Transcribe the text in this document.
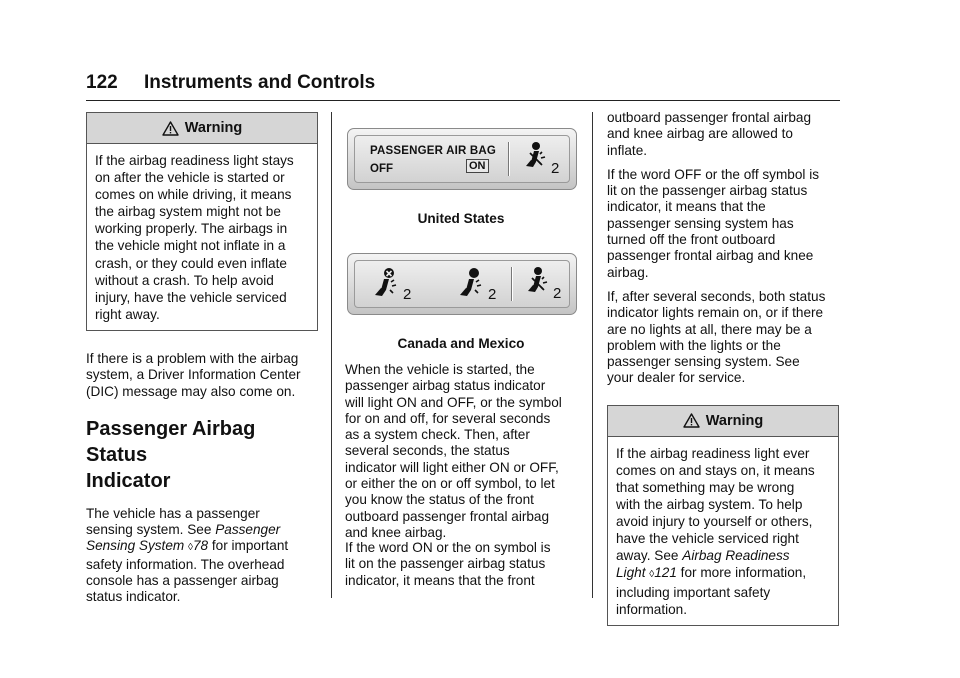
122 Instruments and Controls
Warning

If the airbag readiness light stays

on after the vehicle is started or

comes on while driving, it means

the airbag system might not be

working properly. The airbags in

the vehicle might not inflate in a

crash, or they could even inflate

without a crash. To help avoid

injury, have the vehicle serviced

right away.

If there is a problem with the airbag

system, a Driver Information Center

(DIC) message may also come on.

Passenger Airbag Status
Indicator

The vehicle has a passenger

sensing system. See Passenger

Sensing System ◊78 for important

safety information. The overhead

console has a passenger airbag

status indicator.

PASSENGER AIR BAG
OFF	ON	2
United States
2	2	2
Canada and Mexico

When the vehicle is started, the

passenger airbag status indicator

will light ON and OFF, or the symbol

for on and off, for several seconds

as a system check. Then, after

several seconds, the status

indicator will light either ON or OFF,

or either the on or off symbol, to let

you know the status of the front

outboard passenger frontal airbag

and knee airbag.

If the word ON or the on symbol is

lit on the passenger airbag status

indicator, it means that the front

outboard passenger frontal airbag

and knee airbag are allowed to

inflate.

If the word OFF or the off symbol is

lit on the passenger airbag status

indicator, it means that the

passenger sensing system has

turned off the front outboard

passenger frontal airbag and knee

airbag.

If, after several seconds, both status

indicator lights remain on, or if there

are no lights at all, there may be a

problem with the lights or the

passenger sensing system. See

your dealer for service.

Warning

If the airbag readiness light ever

comes on and stays on, it means

that something may be wrong

with the airbag system. To help

avoid injury to yourself or others,

have the vehicle serviced right

away. See Airbag Readiness

Light ◊121 for more information,

including important safety

information.
